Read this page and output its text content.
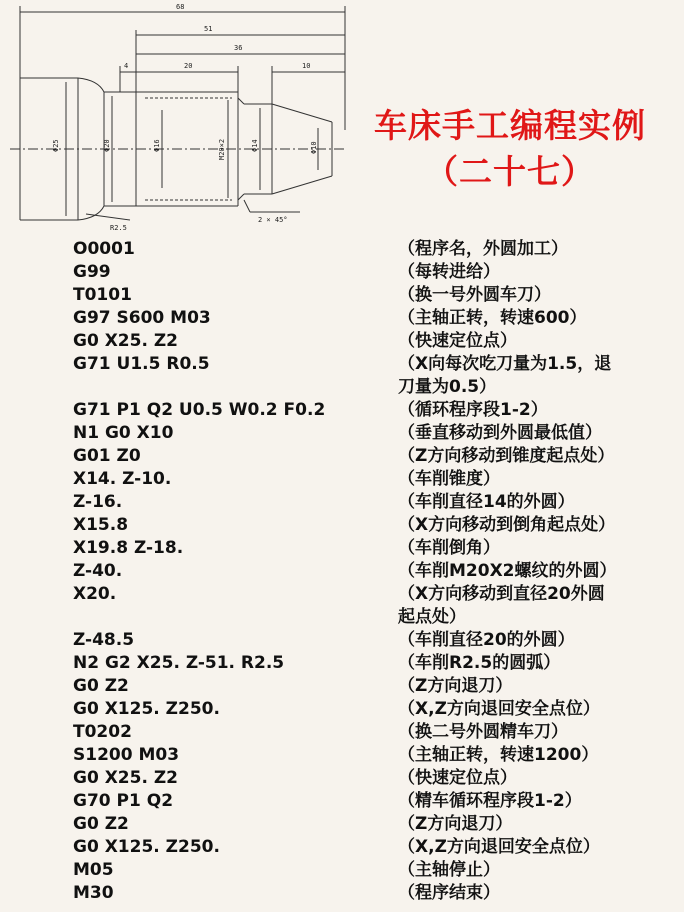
68
51
36
4	20	10
Φ25	Φ20	Φ16	M20×2	Φ14	Φ10
R2.5
2 × 45°
车床手工编程实例
（二十七）
O0001	（程序名，外圆加工）
G99	（每转进给）
T0101	（换一号外圆车刀）
G97 S600 M03	（主轴正转，转速600）
G0 X25. Z2	（快速定位点）
G71 U1.5 R0.5	（X向每次吃刀量为1.5，退
刀量为0.5）
G71 P1 Q2 U0.5 W0.2 F0.2	（循环程序段1-2）
N1 G0 X10	（垂直移动到外圆最低值）
G01 Z0	（Z方向移动到锥度起点处）
X14. Z-10.	（车削锥度）
Z-16.	（车削直径14的外圆）
X15.8	（X方向移动到倒角起点处）
X19.8 Z-18.	（车削倒角）
Z-40.	（车削M20X2螺纹的外圆）
X20.	（X方向移动到直径20外圆
起点处）
Z-48.5	（车削直径20的外圆）
N2 G2 X25. Z-51. R2.5	（车削R2.5的圆弧）
G0 Z2	（Z方向退刀）
G0 X125. Z250.	（X,Z方向退回安全点位）
T0202	（换二号外圆精车刀）
S1200 M03	（主轴正转，转速1200）
G0 X25. Z2	（快速定位点）
G70 P1 Q2	（精车循环程序段1-2）
G0 Z2	（Z方向退刀）
G0 X125. Z250.	（X,Z方向退回安全点位）
M05	（主轴停止）
M30	（程序结束）
